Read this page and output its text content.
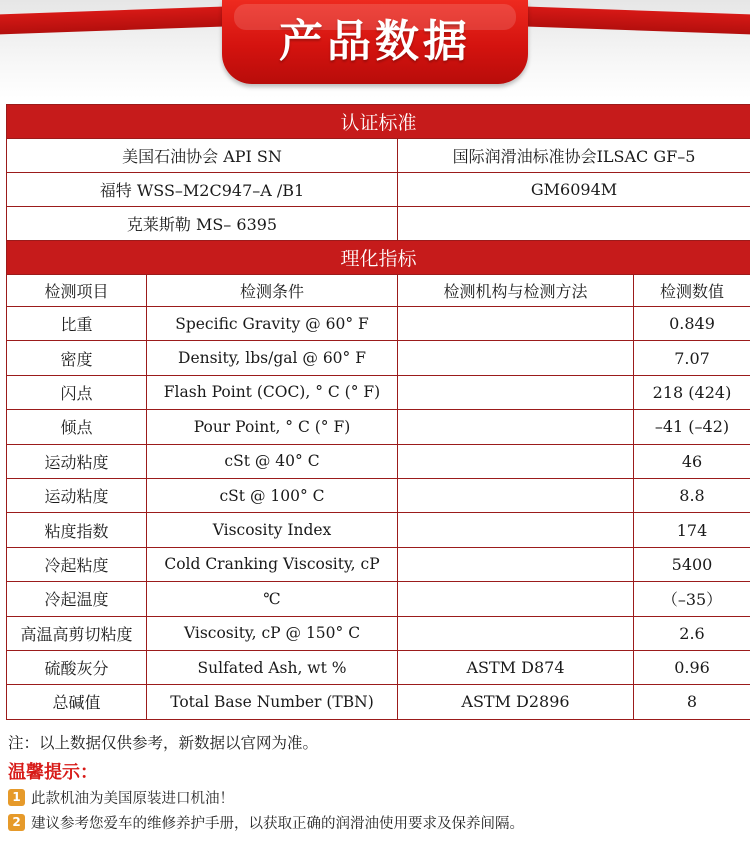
产品数据
认证标准			
美国石油协会 API SN		国际润滑油标准协会ILSAC GF–5	
福特 WSS–M2C947–A /B1		GM6094M	
克莱斯勒 MS– 6395			
理化指标			
检测项目	检测条件	检测机构与检测方法	检测数值
比重	Specific Gravity @ 60° F		0.849
密度	Density, lbs/gal @ 60° F		7.07
闪点	Flash Point (COC), ° C (° F)		218 (424)
倾点	Pour Point, ° C (° F)		–41 (–42)
运动粘度	cSt @ 40° C		46
运动粘度	cSt @ 100° C		8.8
粘度指数	Viscosity Index		174
冷起粘度	Cold Cranking Viscosity, cP		5400
冷起温度	℃		（–35）
高温高剪切粘度	Viscosity, cP @ 150° C		2.6
硫酸灰分	Sulfated Ash, wt %	ASTM D874	0.96
总碱值	Total Base Number (TBN)	ASTM D2896	8
注：以上数据仅供参考，新数据以官网为准。
温馨提示：
1 此款机油为美国原装进口机油！
2 建议参考您爱车的维修养护手册，以获取正确的润滑油使用要求及保养间隔。
